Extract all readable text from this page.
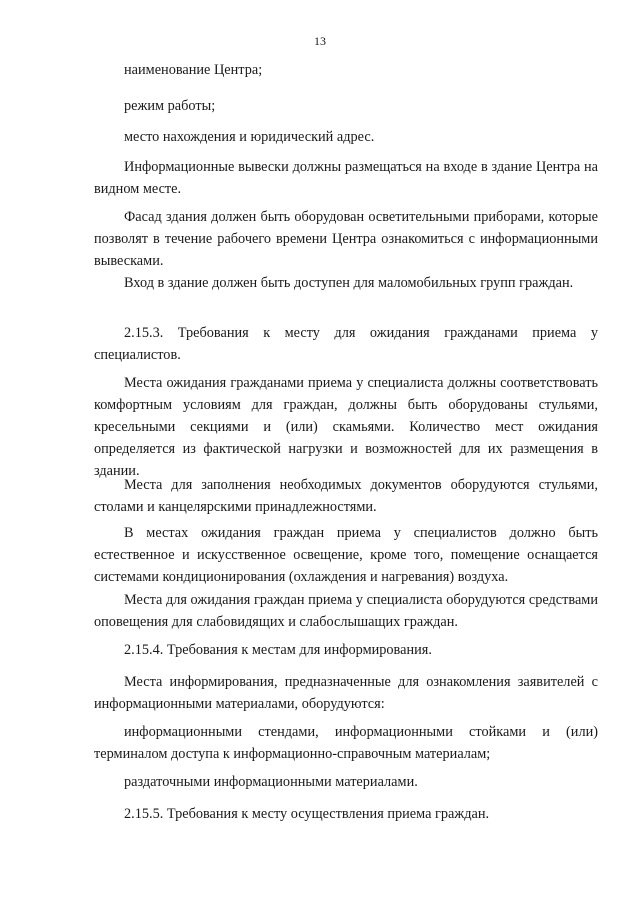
13

наименование Центра;

режим работы;

место нахождения и юридический адрес.

Информационные вывески должны размещаться на входе в здание Центра на видном месте.

Фасад здания должен быть оборудован осветительными приборами, которые позволят в течение рабочего времени Центра ознакомиться с информационными вывесками.

Вход в здание должен быть доступен для маломобильных групп граждан.

2.15.3. Требования к месту для ожидания гражданами приема у специалистов.

Места ожидания гражданами приема у специалиста должны соответствовать комфортным условиям для граждан, должны быть оборудованы стульями, кресельными секциями и (или) скамьями. Количество мест ожидания определяется из фактической нагрузки и возможностей для их размещения в здании.

Места для заполнения необходимых документов оборудуются стульями, столами и канцелярскими принадлежностями.

В местах ожидания граждан приема у специалистов должно быть естественное и искусственное освещение, кроме того, помещение оснащается системами кондиционирования (охлаждения и нагревания) воздуха.

Места для ожидания граждан приема у специалиста оборудуются средствами оповещения для слабовидящих и слабослышащих граждан.

2.15.4. Требования к местам для информирования.

Места информирования, предназначенные для ознакомления заявителей с информационными материалами, оборудуются:

информационными стендами, информационными стойками и (или) терминалом доступа к информационно-справочным материалам;

раздаточными информационными материалами.

2.15.5. Требования к месту осуществления приема граждан.
